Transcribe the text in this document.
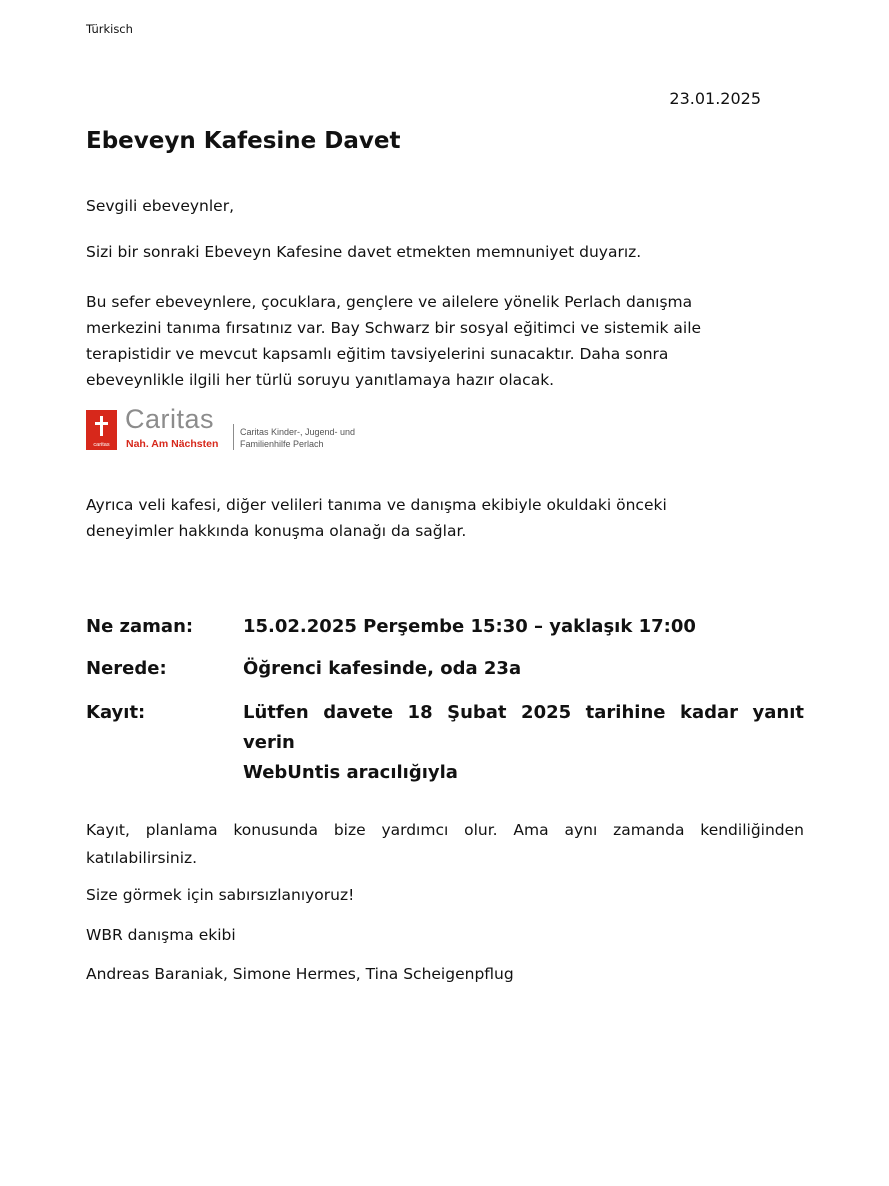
Türkisch
23.01.2025
Ebeveyn Kafesine Davet

Sevgili ebeveynler,

Sizi bir sonraki Ebeveyn Kafesine davet etmekten memnuniyet duyarız.

Bu sefer ebeveynlere, çocuklara, gençlere ve ailelere yönelik Perlach danışma
merkezini tanıma fırsatınız var. Bay Schwarz bir sosyal eğitimci ve sistemik aile
terapistidir ve mevcut kapsamlı eğitim tavsiyelerini sunacaktır. Daha sonra
ebeveynlikle ilgili her türlü soruyu yanıtlamaya hazır olacak.
caritas
Caritas
Nah. Am Nächsten
Caritas Kinder-, Jugend- und
Familienhilfe Perlach
Ayrıca veli kafesi, diğer velileri tanıma ve danışma ekibiyle okuldaki önceki
deneyimler hakkında konuşma olanağı da sağlar.
Ne zaman:	15.02.2025 Perşembe 15:30 – yaklaşık 17:00
Nerede:	Öğrenci kafesinde, oda 23a
Kayıt:	Lütfen davete 18 Şubat 2025 tarihine kadar yanıt verin
WebUntis aracılığıyla

Kayıt, planlama konusunda bize yardımcı olur. Ama aynı zamanda kendiliğinden katılabilirsiniz.

Size görmek için sabırsızlanıyoruz!

WBR danışma ekibi

Andreas Baraniak, Simone Hermes, Tina Scheigenpflug
